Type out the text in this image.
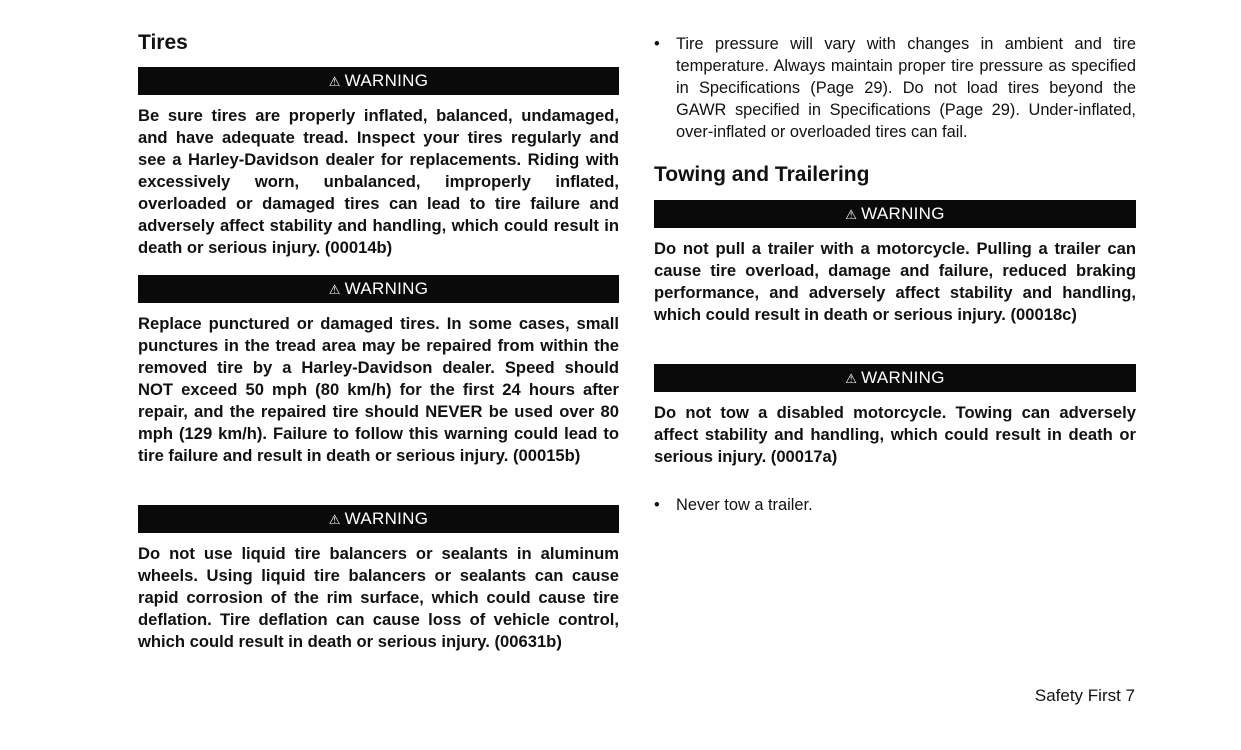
Tires
⚠ WARNING

Be sure tires are properly inflated, balanced, undamaged, and have adequate tread. Inspect your tires regularly and see a Harley-Davidson dealer for replacements. Riding with excessively worn, unbalanced, improperly inflated, overloaded or damaged tires can lead to tire failure and adversely affect stability and handling, which could result in death or serious injury. (00014b)

⚠ WARNING

Replace punctured or damaged tires. In some cases, small punctures in the tread area may be repaired from within the removed tire by a Harley-Davidson dealer. Speed should NOT exceed 50 mph (80 km/h) for the first 24 hours after repair, and the repaired tire should NEVER be used over 80 mph (129 km/h). Failure to follow this warning could lead to tire failure and result in death or serious injury. (00015b)

⚠ WARNING

Do not use liquid tire balancers or sealants in aluminum wheels. Using liquid tire balancers or sealants can cause rapid corrosion of the rim surface, which could cause tire deflation. Tire deflation can cause loss of vehicle control, which could result in death or serious injury. (00631b)

• Tire pressure will vary with changes in ambient and tire temperature. Always maintain proper tire pressure as specified in Specifications (Page 29). Do not load tires beyond the GAWR specified in Specifications (Page 29). Under-inflated, over-inflated or overloaded tires can fail.

Towing and Trailering
⚠ WARNING

Do not pull a trailer with a motorcycle. Pulling a trailer can cause tire overload, damage and failure, reduced braking performance, and adversely affect stability and handling, which could result in death or serious injury. (00018c)

⚠ WARNING

Do not tow a disabled motorcycle. Towing can adversely affect stability and handling, which could result in death or serious injury. (00017a)

• Never tow a trailer.

Safety First 7
